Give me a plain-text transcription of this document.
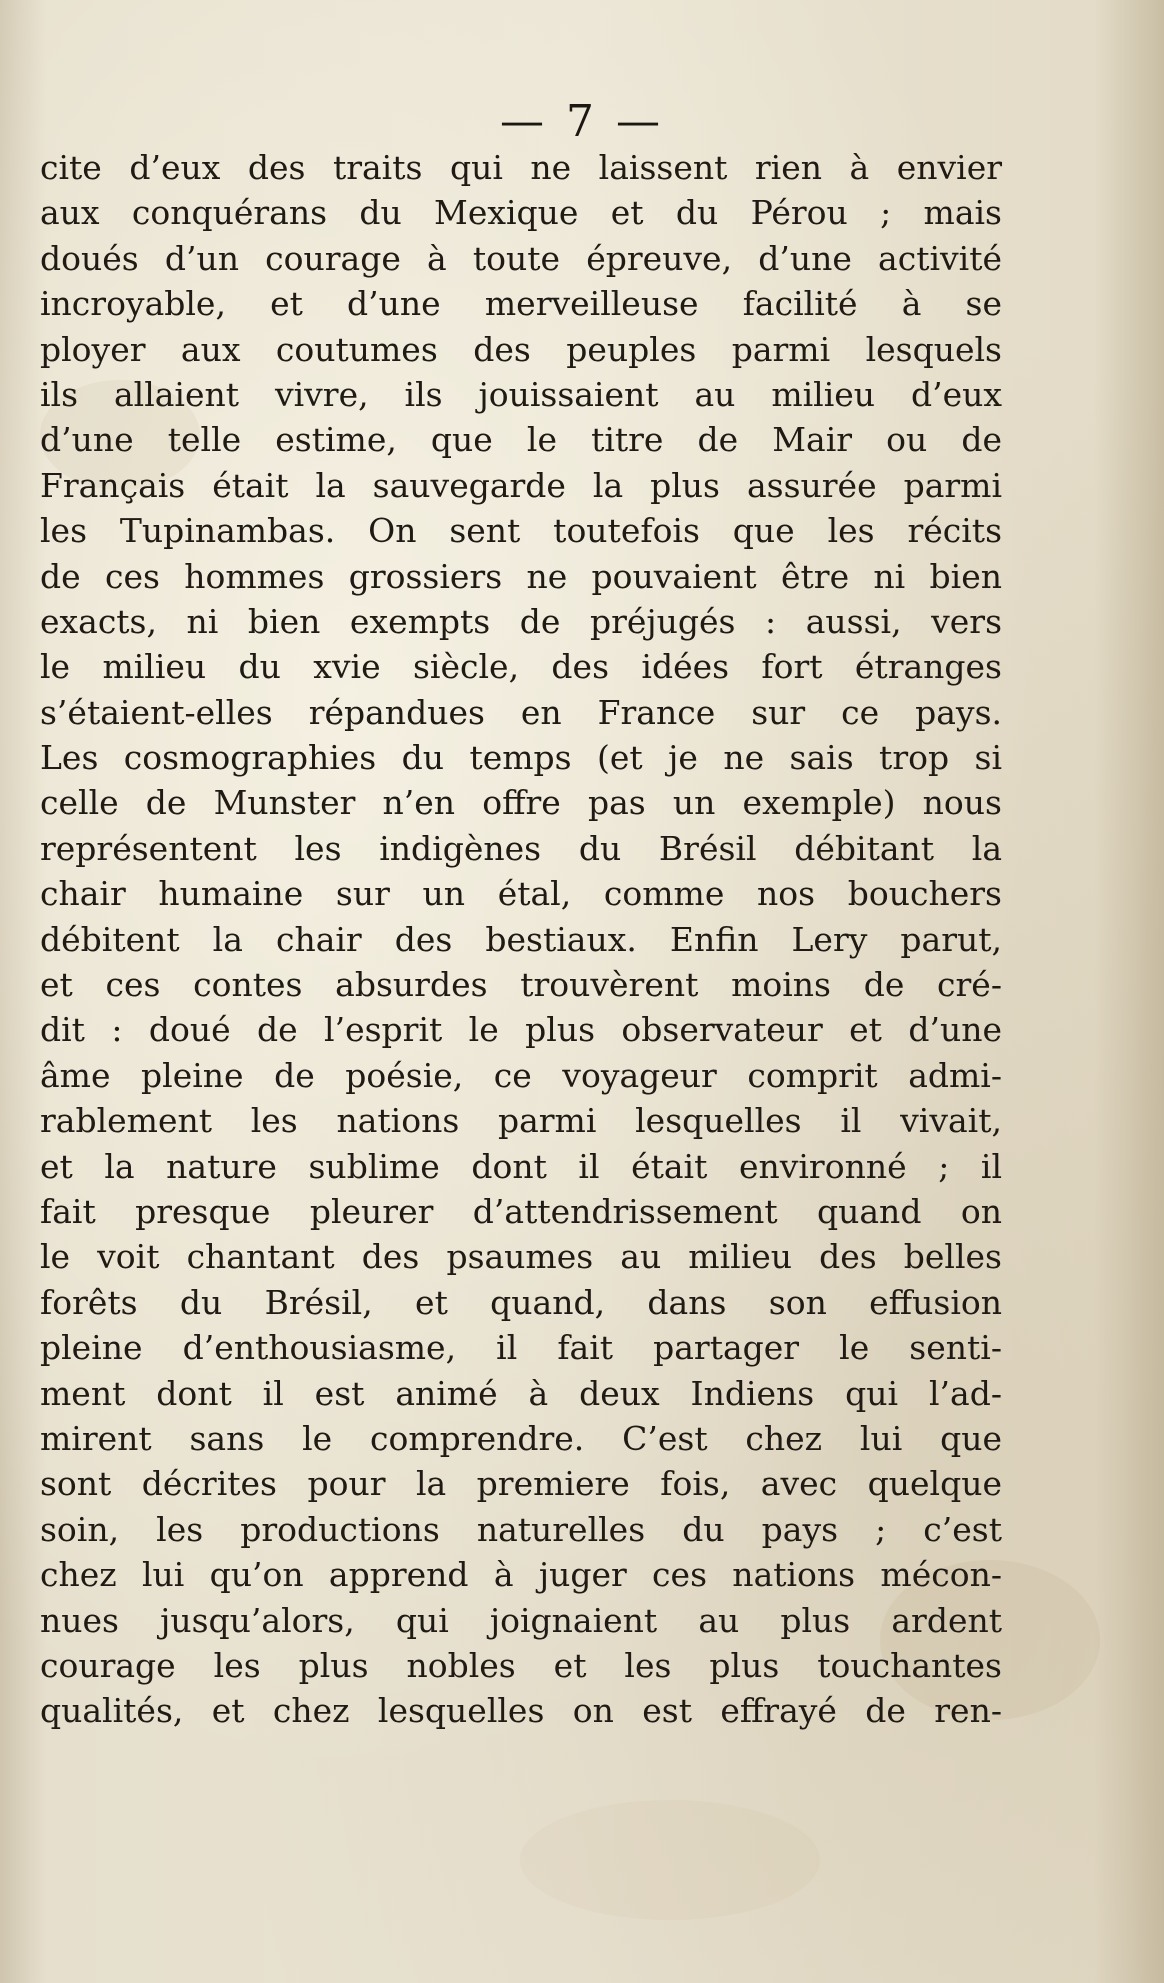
— 7 —
cite d’eux des traits qui ne laissent rien à envier
aux conquérans du Mexique et du Pérou ; mais
doués d’un courage à toute épreuve, d’une activité
incroyable, et d’une merveilleuse facilité à se
ployer aux coutumes des peuples parmi lesquels
ils allaient vivre, ils jouissaient au milieu d’eux
d’une telle estime, que le titre de Mair ou de
Français était la sauvegarde la plus assurée parmi
les Tupinambas. On sent toutefois que les récits
de ces hommes grossiers ne pouvaient être ni bien
exacts, ni bien exempts de préjugés : aussi, vers
le milieu du xvie siècle, des idées fort étranges
s’étaient-elles répandues en France sur ce pays.
Les cosmographies du temps (et je ne sais trop si
celle de Munster n’en offre pas un exemple) nous
représentent les indigènes du Brésil débitant la
chair humaine sur un étal, comme nos bouchers
débitent la chair des bestiaux. Enfin Lery parut,
et ces contes absurdes trouvèrent moins de cré-
dit : doué de l’esprit le plus observateur et d’une
âme pleine de poésie, ce voyageur comprit admi-
rablement les nations parmi lesquelles il vivait,
et la nature sublime dont il était environné ; il
fait presque pleurer d’attendrissement quand on
le voit chantant des psaumes au milieu des belles
forêts du Brésil, et quand, dans son effusion
pleine d’enthousiasme, il fait partager le senti-
ment dont il est animé à deux Indiens qui l’ad-
mirent sans le comprendre. C’est chez lui que
sont décrites pour la premiere fois, avec quelque
soin, les productions naturelles du pays ; c’est
chez lui qu’on apprend à juger ces nations mécon-
nues jusqu’alors, qui joignaient au plus ardent
courage les plus nobles et les plus touchantes
qualités, et chez lesquelles on est effrayé de ren-
